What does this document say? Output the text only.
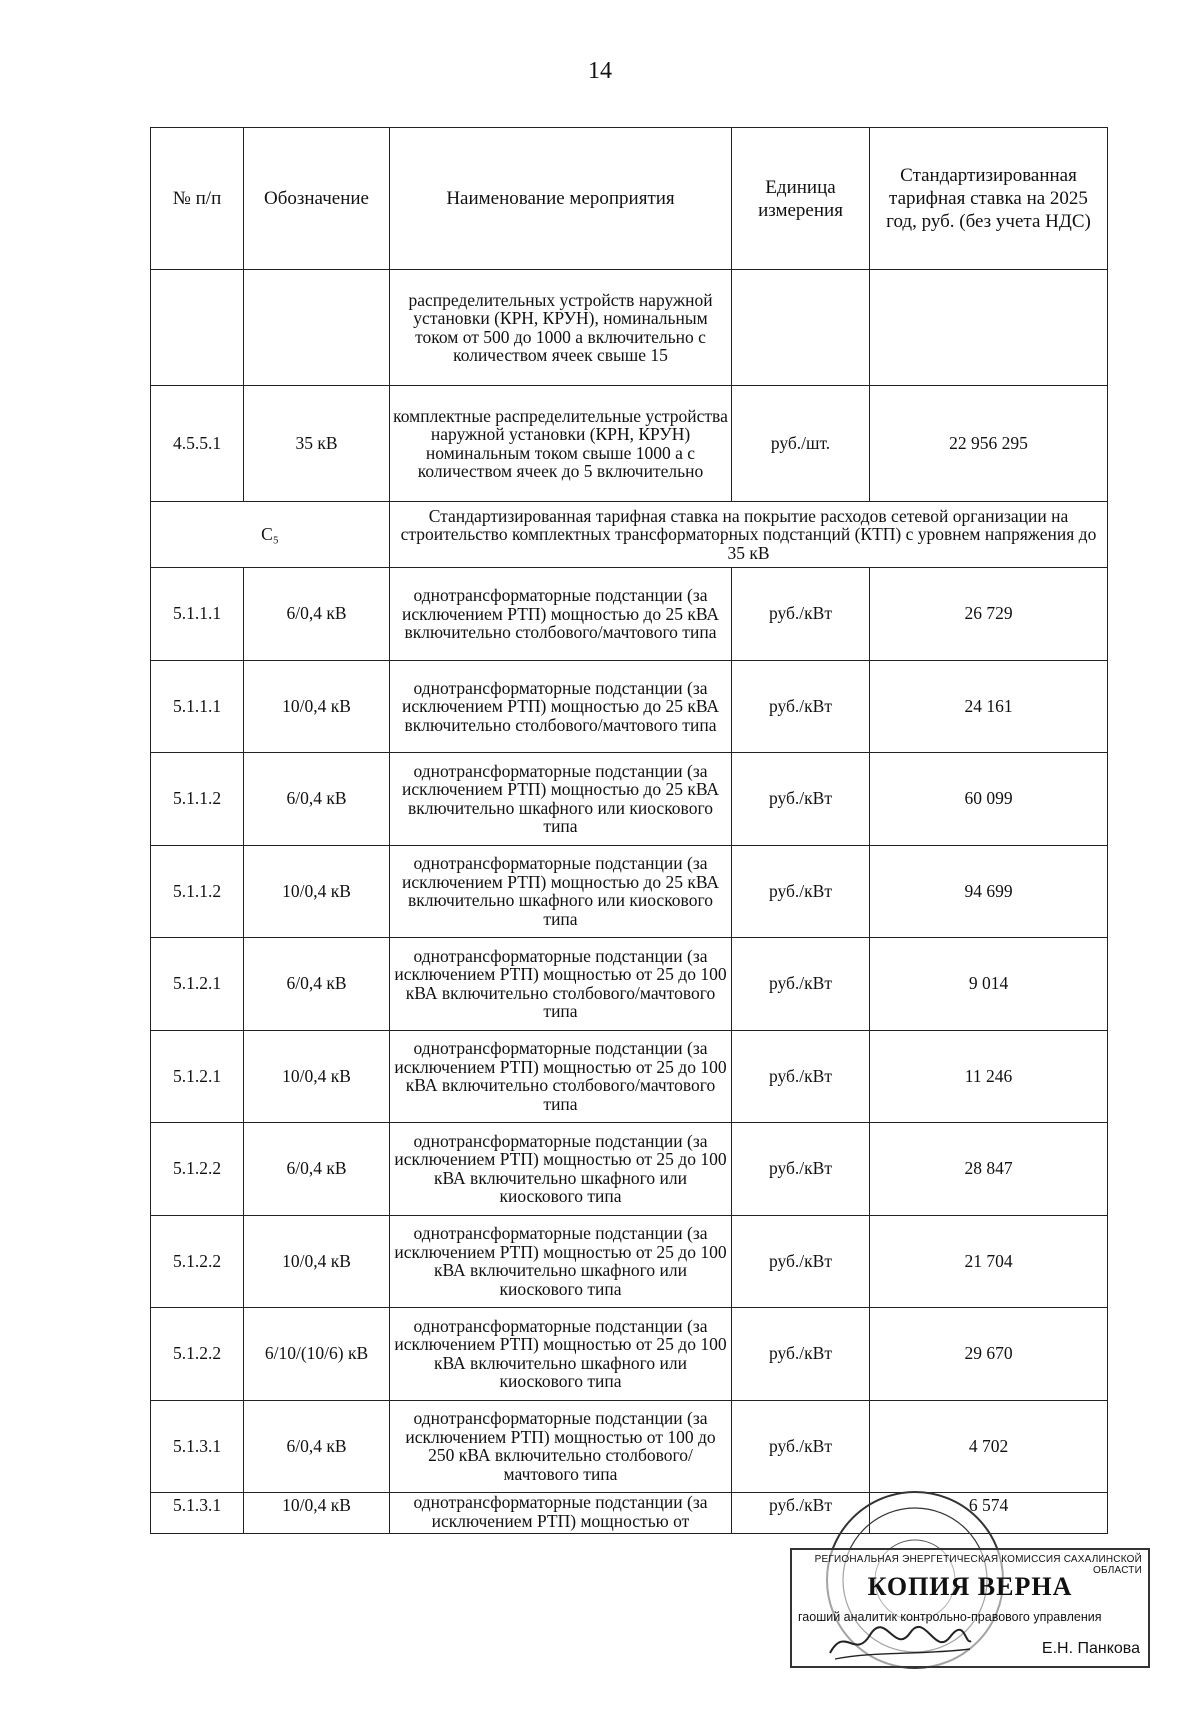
14
№ п/п	Обозначение	Наименование мероприятия	Единица измерения	Стандартизированная тарифная ставка на 2025 год, руб. (без учета НДС)
		распределительных устройств наружной установки (КРН, КРУН), номинальным током от 500 до 1000 а включительно с количеством ячеек свыше 15		
4.5.5.1	35 кВ	комплектные распределительные устройства наружной установки (КРН, КРУН) номинальным током свыше 1000 а с количеством ячеек до 5 включительно	руб./шт.	22 956 295
C₅		Стандартизированная тарифная ставка на покрытие расходов сетевой организации на строительство комплектных трансформаторных подстанций (КТП) с уровнем напряжения до 35 кВ		
5.1.1.1	6/0,4 кВ	однотрансформаторные подстанции (за исключением РТП) мощностью до 25 кВА включительно столбового/мачтового типа	руб./кВт	26 729
5.1.1.1	10/0,4 кВ	однотрансформаторные подстанции (за исключением РТП) мощностью до 25 кВА включительно столбового/мачтового типа	руб./кВт	24 161
5.1.1.2	6/0,4 кВ	однотрансформаторные подстанции (за исключением РТП) мощностью до 25 кВА включительно шкафного или киоскового типа	руб./кВт	60 099
5.1.1.2	10/0,4 кВ	однотрансформаторные подстанции (за исключением РТП) мощностью до 25 кВА включительно шкафного или киоскового типа	руб./кВт	94 699
5.1.2.1	6/0,4 кВ	однотрансформаторные подстанции (за исключением РТП) мощностью от 25 до 100 кВА включительно столбового/мачтового типа	руб./кВт	9 014
5.1.2.1	10/0,4 кВ	однотрансформаторные подстанции (за исключением РТП) мощностью от 25 до 100 кВА включительно столбового/мачтового типа	руб./кВт	11 246
5.1.2.2	6/0,4 кВ	однотрансформаторные подстанции (за исключением РТП) мощностью от 25 до 100 кВА включительно шкафного или киоскового типа	руб./кВт	28 847
5.1.2.2	10/0,4 кВ	однотрансформаторные подстанции (за исключением РТП) мощностью от 25 до 100 кВА включительно шкафного или киоскового типа	руб./кВт	21 704
5.1.2.2	6/10/(10/6) кВ	однотрансформаторные подстанции (за исключением РТП) мощностью от 25 до 100 кВА включительно шкафного или киоскового типа	руб./кВт	29 670
5.1.3.1	6/0,4 кВ	однотрансформаторные подстанции (за исключением РТП) мощностью от 100 до 250 кВА включительно столбового/мачтового типа	руб./кВт	4 702
5.1.3.1	10/0,4 кВ	однотрансформаторные подстанции (за исключением РТП) мощностью от	руб./кВт	6 574
РЕГИОНАЛЬНАЯ ЭНЕРГЕТИЧЕСКАЯ КОМИССИЯ САХАЛИНСКОЙ ОБЛАСТИ
КОПИЯ ВЕРНА
гаоший аналитик контрольно-правового управления
Е.Н. Панкова
